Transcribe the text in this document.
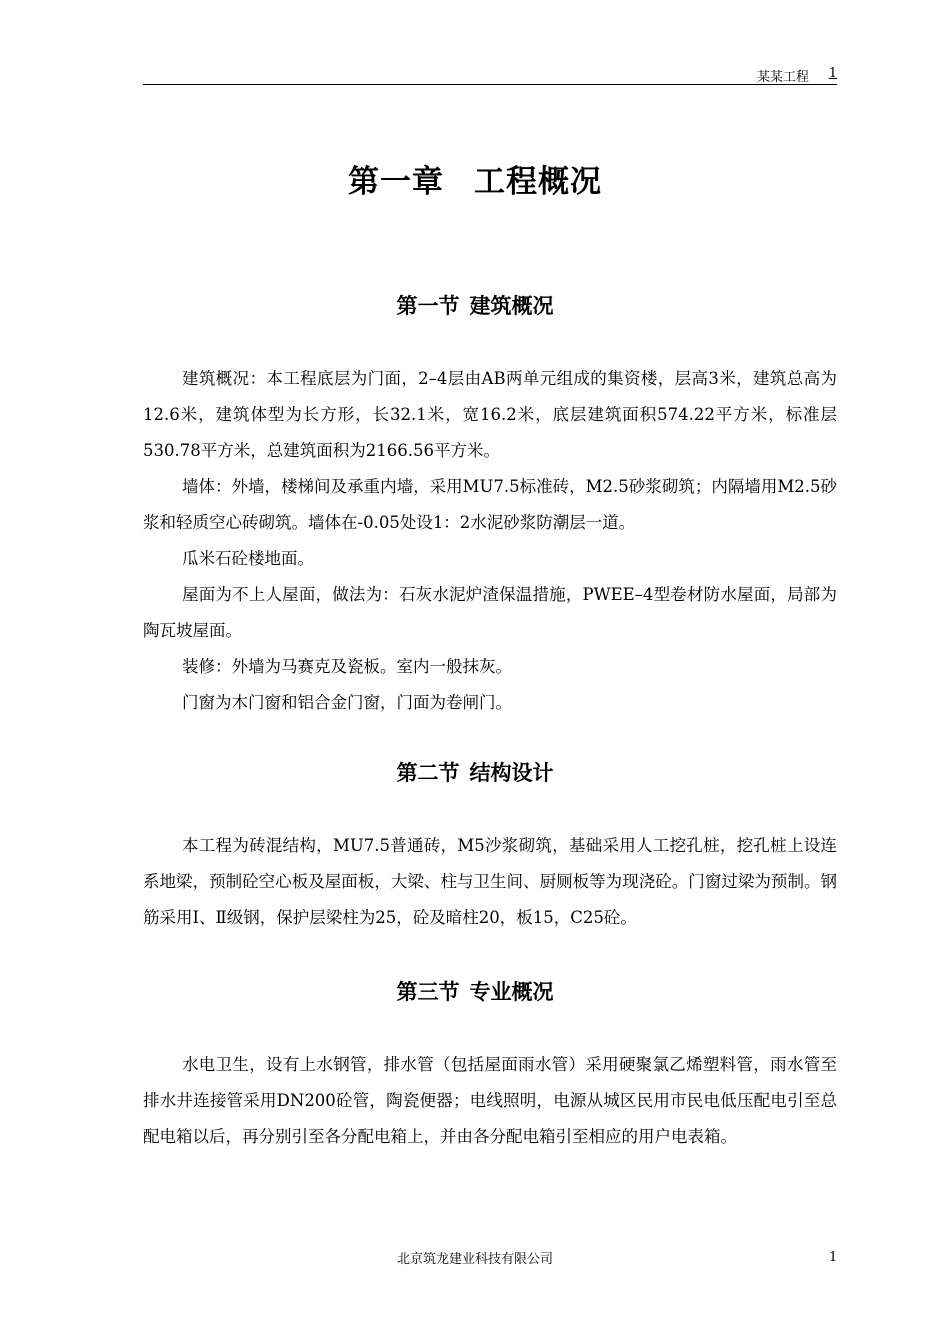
某某工程 1
第一章 工程概况
第一节 建筑概况

建筑概况：本工程底层为门面，2–4层由AB两单元组成的集资楼，层高3米，建筑总高为12.6米，建筑体型为长方形，长32.1米，宽16.2米，底层建筑面积574.22平方米，标准层530.78平方米，总建筑面积为2166.56平方米。

墙体：外墙，楼梯间及承重内墙，采用MU7.5标准砖，M2.5砂浆砌筑；内隔墙用M2.5砂浆和轻质空心砖砌筑。墙体在-0.05处设1：2水泥砂浆防潮层一道。

瓜米石砼楼地面。

屋面为不上人屋面，做法为：石灰水泥炉渣保温措施，PWEE–4型卷材防水屋面，局部为陶瓦坡屋面。

装修：外墙为马赛克及瓷板。室内一般抹灰。

门窗为木门窗和铝合金门窗，门面为卷闸门。

第二节 结构设计

本工程为砖混结构，MU7.5普通砖，M5沙浆砌筑，基础采用人工挖孔桩，挖孔桩上设连系地梁，预制砼空心板及屋面板，大梁、柱与卫生间、厨厕板等为现浇砼。门窗过梁为预制。钢筋采用Ⅰ、Ⅱ级钢，保护层梁柱为25，砼及暗柱20，板15，C25砼。

第三节 专业概况

水电卫生，设有上水钢管，排水管（包括屋面雨水管）采用硬聚氯乙烯塑料管，雨水管至排水井连接管采用DN200砼管，陶瓷便器；电线照明，电源从城区民用市民电低压配电引至总配电箱以后，再分别引至各分配电箱上，并由各分配电箱引至相应的用户电表箱。

北京筑龙建业科技有限公司	1
